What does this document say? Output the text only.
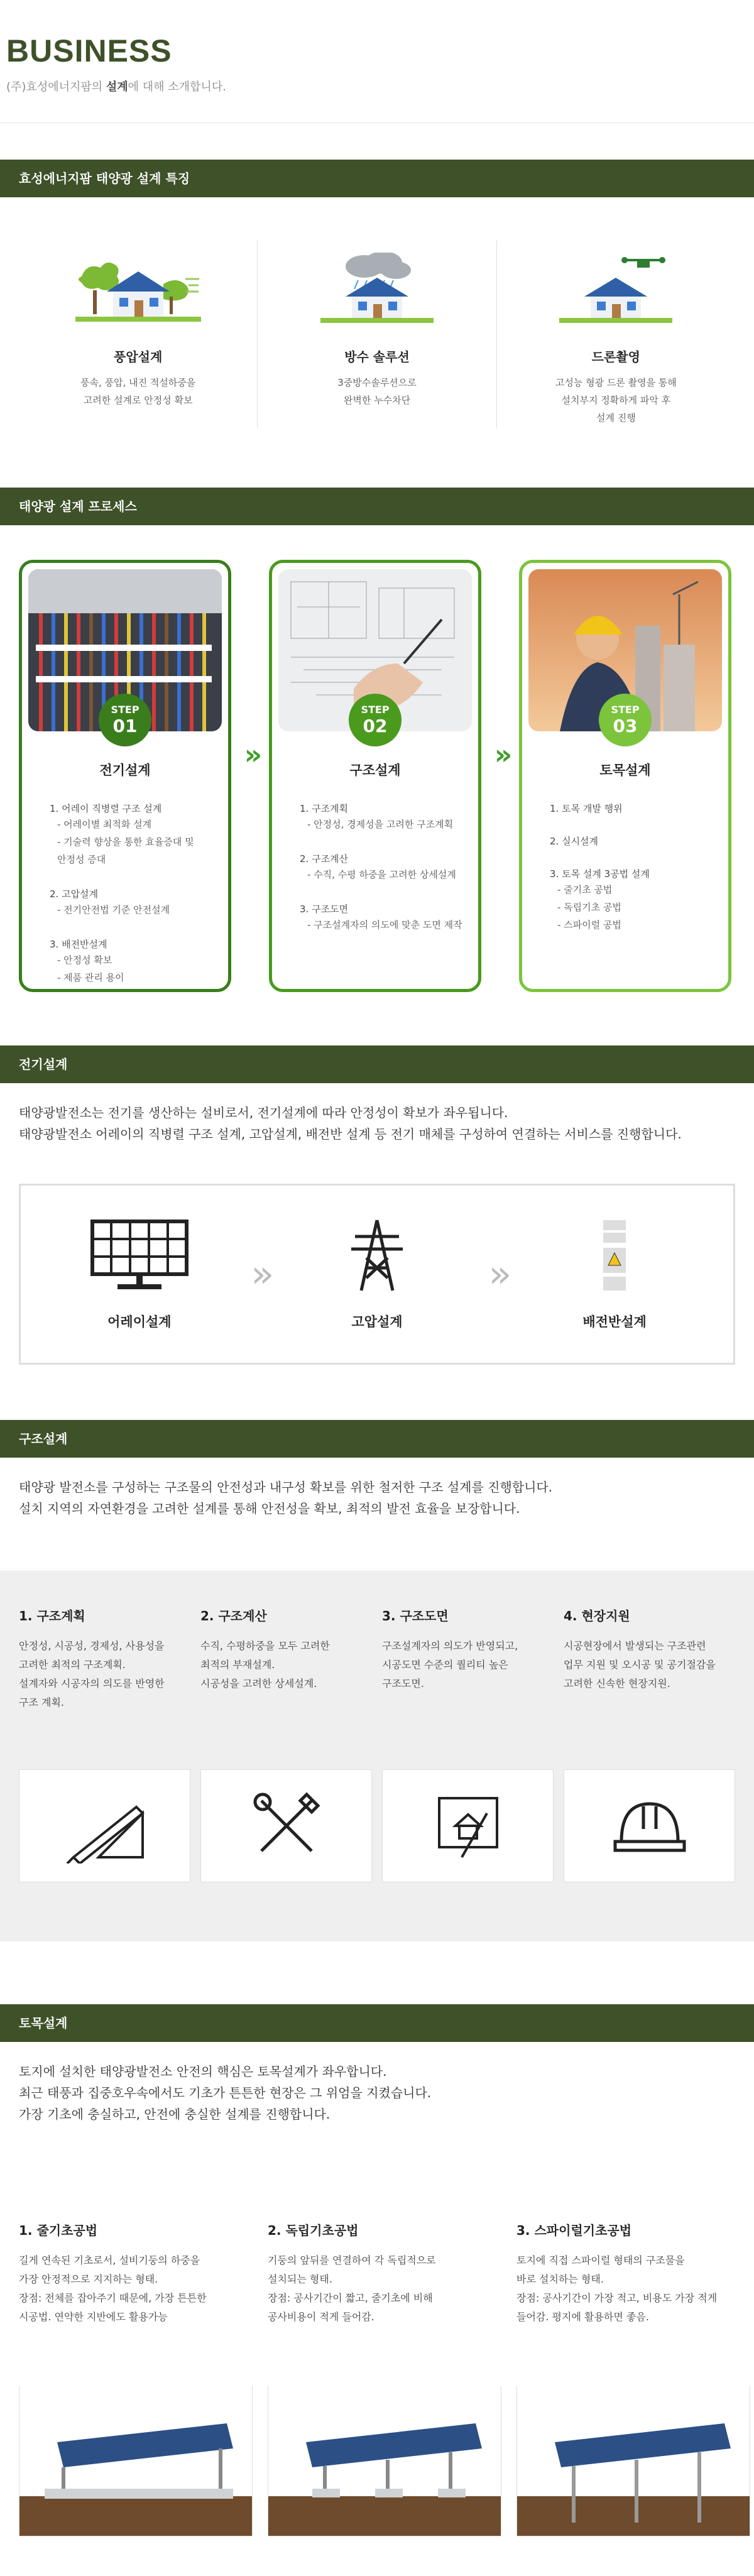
BUSINESS

(주)효성에너지팜의 설계에 대해 소개합니다.

효성에너지팜 태양광 설계 특징
풍압설계

풍속, 풍압, 내진 적설하중을
고려한 설계로 안정성 확보

방수 솔루션

3중방수솔루션으로
완벽한 누수차단

드론촬영

고성능 형광 드론 촬영을 통해
설치부지 정확하게 파악 후
설계 진행

태양광 설계 프로세스
STEP
01
전기설계
1. 어레이 직병렬 구조 설계
- 어레이별 최적화 설계
- 기술력 향상을 통한 효율증대 및
안정성 증대
2. 고압설계
- 전기안전법 기준 안전설계
3. 배전반설계
- 안정성 확보
- 제품 관리 용이
»
STEP
02
구조설계
1. 구조계획
- 안정성, 경제성을 고려한 구조계획
2. 구조계산
- 수직, 수평 하중을 고려한 상세설계
3. 구조도면
- 구조설계자의 의도에 맞춘 도면 제작
»
STEP
03
토목설계
1. 토목 개발 행위
2. 실시설계
3. 토목 설계 3공법 설계
- 줄기초 공법
- 독립기초 공법
- 스파이럴 공법
전기설계

태양광발전소는 전기를 생산하는 설비로서, 전기설계에 따라 안정성이 확보가 좌우됩니다.

태양광발전소 어레이의 직병렬 구조 설계, 고압설계, 배전반 설계 등 전기 매체를 구성하여 연결하는 서비스를 진행합니다.

어레이설계
»
고압설계
»
배전반설계
구조설계

태양광 발전소를 구성하는 구조물의 안전성과 내구성 확보를 위한 철저한 구조 설계를 진행합니다.

설치 지역의 자연환경을 고려한 설계를 통해 안전성을 확보, 최적의 발전 효율을 보장합니다.

1. 구조계획

안정성, 시공성, 경제성, 사용성을
고려한 최적의 구조계획.
설계자와 시공자의 의도를 반영한
구조 계획.

2. 구조계산

수직, 수평하중을 모두 고려한
최적의 부재설계.
시공성을 고려한 상세설계.

3. 구조도면

구조설계자의 의도가 반영되고,
시공도면 수준의 퀄리티 높은
구조도면.

4. 현장지원

시공현장에서 발생되는 구조관련
업무 지원 및 오시공 및 공기절감을
고려한 신속한 현장지원.

토목설계

토지에 설치한 태양광발전소 안전의 핵심은 토목설계가 좌우합니다.

최근 태풍과 집중호우속에서도 기초가 튼튼한 현장은 그 위엄을 지켰습니다.

가장 기초에 충실하고, 안전에 충실한 설계를 진행합니다.

1. 줄기초공법

길게 연속된 기초로서, 설비기둥의 하중을
가장 안정적으로 지지하는 형태.
장점: 전체를 잡아주기 때문에, 가장 튼튼한
시공법. 연약한 지반에도 활용가능

2. 독립기초공법

기둥의 앞뒤를 연결하여 각 독립적으로
설치되는 형태.
장점: 공사기간이 짧고, 줄기초에 비해
공사비용이 적게 들어감.

3. 스파이럴기초공법

토지에 직접 스파이럴 형태의 구조물을
바로 설치하는 형태.
장점: 공사기간이 가장 적고, 비용도 가장 적게
들어감. 평지에 활용하면 좋음.
